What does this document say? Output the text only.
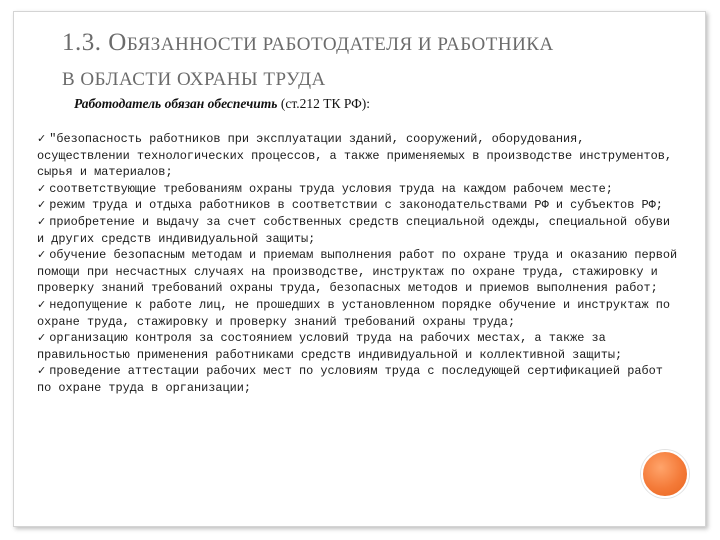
1.3. ОБЯЗАННОСТИ РАБОТОДАТЕЛЯ И РАБОТНИКА
В ОБЛАСТИ ОХРАНЫ ТРУДА

Работодатель обязан обеспечить (ст.212 ТК РФ):

✓ "безопасность работников при эксплуатации зданий, сооружений, оборудования, осуществлении технологических процессов, а также применяемых в производстве инструментов, сырья и материалов;
✓ соответствующие требованиям охраны труда условия труда на каждом рабочем месте;
✓ режим труда и отдыха работников в соответствии с законодательствами РФ и субъектов РФ;
✓ приобретение и выдачу за счет собственных средств специальной одежды, специальной обуви и других средств индивидуальной защиты;
✓ обучение безопасным методам и приемам выполнения работ по охране труда и оказанию первой помощи при несчастных случаях на производстве, инструктаж по охране труда, стажировку и проверку знаний требований охраны труда, безопасных методов и приемов выполнения работ;
✓ недопущение к работе лиц, не прошедших в установленном порядке обучение и инструктаж по охране труда, стажировку и проверку знаний требований охраны труда;
✓ организацию контроля за состоянием условий труда на рабочих местах, а также за правильностью применения работниками средств индивидуальной и коллективной защиты;
✓ проведение аттестации рабочих мест по условиям труда с последующей сертификацией работ по охране труда в организации;
